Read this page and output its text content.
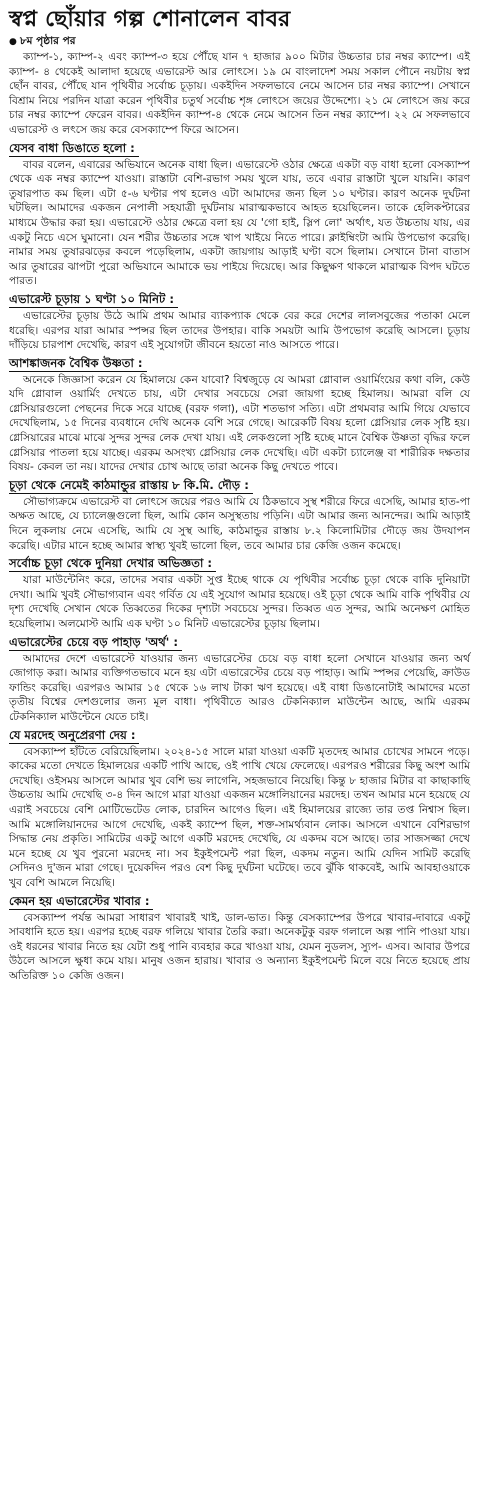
স্বপ্ন ছোঁয়ার গল্প শোনালেন বাবর
● ৮ম পৃষ্ঠার পর

ক্যাম্প-১, ক্যাম্প-২ এবং ক্যাম্প-৩ হয়ে পৌঁছে যান ৭ হাজার ৯০০ মিটার উচ্চতার চার নম্বর ক্যাম্পে। এই ক্যাম্প- ৪ থেকেই আলাদা হয়েছে এভারেস্ট আর লোৎসে। ১৯ মে বাংলাদেশ সময় সকাল পৌনে নয়টায় স্বপ্ন ছোঁন বাবর, পৌঁছে যান পৃথিবীর সর্বোচ্চ চূড়ায়। একইদিন সফলভাবে নেমে আসেন চার নম্বর ক্যাম্পে। সেখানে বিশ্রাম নিয়ে পরদিন যাত্রা করেন পৃথিবীর চতুর্থ সর্বোচ্চ শৃঙ্গ লোৎসে জয়ের উদ্দেশ্যে। ২১ মে লোৎসে জয় করে চার নম্বর ক্যাম্পে ফেরেন বাবর। একইদিন ক্যাম্প-৪ থেকে নেমে আসেন তিন নম্বর ক্যাম্পে। ২২ মে সফলভাবে এভারেস্ট ও লৎসে জয় করে বেসক্যাম্পে ফিরে আসেন।

যেসব বাধা ডিঙাতে হলো :

বাবর বলেন, এবারের অভিযানে অনেক বাধা ছিল। এভারেস্টে ওঠার ক্ষেত্রে একটা বড় বাধা হলো বেসক্যাম্প থেকে এক নম্বর ক্যাম্পে যাওয়া। রাস্তাটা বেশি-রভাগ সময় খুলে যায়, তবে এবার রাস্তাটা খুলে যায়নি। কারণ তুষারপাত কম ছিল। এটা ৫-৬ ঘণ্টার পথ হলেও এটা আমাদের জন্য ছিল ১০ ঘণ্টার। কারণ অনেক দুর্ঘটনা ঘটছিল। আমাদের একজন নেপালী সহযাত্রী দুর্ঘটনায় মারাত্মকভাবে আহত হয়েছিলেন। তাকে হেলিকপ্টারের মাধ্যমে উদ্ধার করা হয়। এভারেস্টে ওঠার ক্ষেত্রে বলা হয় যে 'গো হাই, স্লিপ লো' অর্থাৎ, যত উচ্চতায় যায়, এর একটু নিচে এসে ঘুমানো। যেন শরীর উচ্চতার সঙ্গে খাপ খাইয়ে নিতে পারে। ক্লাইম্বিংটা আমি উপভোগ করেছি। নামার সময় তুষারঝড়ের কবলে পড়েছিলাম, একটা জায়গায় আড়াই ঘণ্টা বসে ছিলাম। সেখানে টানা বাতাস আর তুষারের ঝাপটা পুরো অভিযানে আমাকে ভয় পাইয়ে দিয়েছে। আর কিছুক্ষণ থাকলে মারাত্মক বিপদ ঘটতে পারত।

এভারেস্ট চূড়ায় ১ ঘণ্টা ১০ মিনিট :

এভারেস্টের চূড়ায় উঠে আমি প্রথম আমার ব্যাকপ্যাক থেকে বের করে দেশের লালসবুজের পতাকা মেলে ধরেছি। এরপর যারা আমার স্পন্সর ছিল তাদের উপহার। বাকি সময়টা আমি উপভোগ করেছি আসলে। চূড়ায় দাঁড়িয়ে চারপাশ দেখেছি, কারণ এই সুযোগটা জীবনে হয়তো নাও আসতে পারে।

আশঙ্কাজনক বৈশ্বিক উষ্ণতা :

অনেকে জিজ্ঞাসা করেন যে হিমালয়ে কেন যাবো? বিশ্বজুড়ে যে আমরা গ্লোবাল ওয়ার্মিংয়ের কথা বলি, কেউ যদি গ্লোবাল ওয়ার্মিং দেখতে চায়, এটা দেখার সবচেয়ে সেরা জায়গা হচ্ছে হিমালয়। আমরা বলি যে গ্লেসিয়ারগুলো পেছনের দিকে সরে যাচ্ছে (বরফ গলা), এটা শতভাগ সত্যি। এটা প্রথমবার আমি গিয়ে যেভাবে দেখেছিলাম, ১৫ দিনের ব্যবধানে দেখি অনেক বেশি সরে গেছে। আরেকটি বিষয় হলো গ্লেসিয়ার লেক সৃষ্টি হয়। গ্লেসিয়ারের মাঝে মাঝে সুন্দর সুন্দর লেক দেখা যায়। এই লেকগুলো সৃষ্টি হচ্ছে মানে বৈশ্বিক উষ্ণতা বৃদ্ধির ফলে গ্লেসিয়ার পাতলা হয়ে যাচ্ছে। এরকম অসংখ্য গ্লেসিয়ার লেক দেখেছি। এটা একটা চ্যালেঞ্জ বা শারীরিক দক্ষতার বিষয়- কেবল তা নয়। যাদের দেখার চোখ আছে তারা অনেক কিছু দেখতে পাবে।

চূড়া থেকে নেমেই কাঠমান্ডুর রাস্তায় ৮ কি.মি. দৌড় :

সৌভাগ্যক্রমে এভারেস্ট বা লোৎসে জয়ের পরও আমি যে ঠিকভাবে সুস্থ শরীরে ফিরে এসেছি, আমার হাত-পা অক্ষত আছে, যে চ্যালেঞ্জগুলো ছিল, আমি কোন অসুস্থতায় পড়িনি। এটা আমার জন্য আনন্দের। আমি আড়াই দিনে লুকলায় নেমে এসেছি, আমি যে সুস্থ আছি, কাঠমান্ডুর রাস্তায় ৮.২ কিলোমিটার দৌড়ে জয় উদযাপন করেছি। এটার মানে হচ্ছে আমার স্বাস্থ্য খুবই ভালো ছিল, তবে আমার চার কেজি ওজন কমেছে।

সর্বোচ্চ চূড়া থেকে দুনিয়া দেখার অভিজ্ঞতা :

যারা মাউন্টেনিং করে, তাদের সবার একটা সুপ্ত ইচ্ছে থাকে যে পৃথিবীর সর্বোচ্চ চূড়া থেকে বাকি দুনিয়াটা দেখা। আমি খুবই সৌভাগ্যবান এবং গর্বিত যে এই সুযোগ আমার হয়েছে। ওই চূড়া থেকে আমি বাকি পৃথিবীর যে দৃশ্য দেখেছি সেখান থেকে তিব্বতের দিকের দৃশ্যটা সবচেয়ে সুন্দর। তিব্বত এত সুন্দর, আমি অনেক্ষণ মোহিত হয়েছিলাম। অলমোস্ট আমি এক ঘণ্টা ১০ মিনিট এভারেস্টের চূড়ায় ছিলাম।

এভারেস্টের চেয়ে বড় পাহাড় 'অর্থ' :

আমাদের দেশে এভারেস্টে যাওয়ার জন্য এভারেস্টের চেয়ে বড় বাধা হলো সেখানে যাওয়ার জন্য অর্থ জোগাড় করা। আমার ব্যক্তিগতভাবে মনে হয় এটা এভারেস্টের চেয়ে বড় পাহাড়। আমি স্পন্সর পেয়েছি, ক্রাউড ফান্ডিং করেছি। এরপরও আমার ১৫ থেকে ১৬ লাখ টাকা ঋণ হয়েছে। এই বাধা ডিঙানোটাই আমাদের মতো তৃতীয় বিশ্বের দেশগুলোর জন্য মূল বাধা। পৃথিবীতে আরও টেকনিক্যাল মাউন্টেন আছে, আমি এরকম টেকনিক্যাল মাউন্টেনে যেতে চাই।

যে মরদেহ অনুপ্রেরণা দেয় :

বেসক্যাম্প হাঁটতে বেরিয়েছিলাম। ২০২৪-১৫ সালে মারা যাওয়া একটি মৃতদেহ আমার চোখের সামনে পড়ে। কাকের মতো দেখতে হিমালয়ের একটি পাখি আছে, ওই পাখি খেয়ে ফেলেছে। এরপরও শরীরের কিছু অংশ আমি দেখেছি। ওইসময় আসলে আমার খুব বেশি ভয় লাগেনি, সহজভাবে নিয়েছি। কিন্তু ৮ হাজার মিটার বা কাছাকাছি উচ্চতায় আমি দেখেছি ৩-৪ দিন আগে মারা যাওয়া একজন মঙ্গোলিয়ানের মরদেহ। তখন আমার মনে হয়েছে যে এরাই সবচেয়ে বেশি মোটিভেটেড লোক, চারদিন আগেও ছিল। এই হিমালয়ের রাজ্যে তার তপ্ত নিশ্বাস ছিল। আমি মঙ্গোলিয়ানদের আগে দেখেছি, একই ক্যাম্পে ছিল, শক্ত-সামর্থ্যবান লোক। আসলে এখানে বেশিরভাগ সিদ্ধান্ত নেয় প্রকৃতি। সামিটের একটু আগে একটি মরদেহ দেখেছি, যে একদম বসে আছে। তার সাজসজ্জা দেখে মনে হচ্ছে যে খুব পুরনো মরদেহ না। সব ইকুইপমেন্ট পরা ছিল, একদম নতুন। আমি যেদিন সামিট করেছি সেদিনও দু'জন মারা গেছে। দুয়েকদিন পরও বেশ কিছু দুর্ঘটনা ঘটেছে। তবে ঝুঁকি থাকবেই, আমি আবহাওয়াকে খুব বেশি আমলে নিয়েছি।

কেমন হয় এভারেস্টের খাবার :

বেসক্যাম্প পর্যন্ত আমরা সাধারণ খাবারই খাই, ডাল-ভাত। কিন্তু বেসক্যাম্পের উপরে খাবার-দাবারে একটু সাবধানি হতে হয়। এরপর হচ্ছে বরফ গলিয়ে খাবার তৈরি করা। অনেকটুকু বরফ গলালে অল্প পানি পাওয়া যায়। ওই ধরনের খাবার নিতে হয় যেটা শুধু পানি ব্যবহার করে খাওয়া যায়, যেমন নুডলস, স্যুপ- এসব। আবার উপরে উঠলে আসলে ক্ষুধা কমে যায়। মানুষ ওজন হারায়। খাবার ও অন্যান্য ইকুইপমেন্ট মিলে বয়ে নিতে হয়েছে প্রায় অতিরিক্ত ১০ কেজি ওজন।
